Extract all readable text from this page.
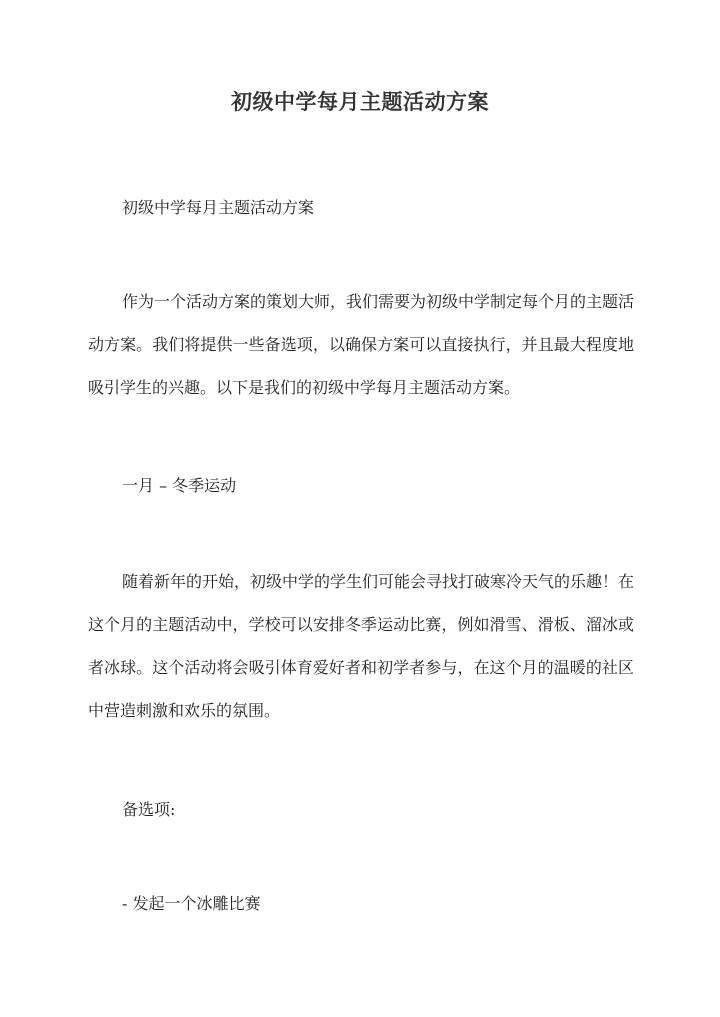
初级中学每月主题活动方案

初级中学每月主题活动方案

作为一个活动方案的策划大师，我们需要为初级中学制定每个月的主题活动方案。我们将提供一些备选项，以确保方案可以直接执行，并且最大程度地吸引学生的兴趣。以下是我们的初级中学每月主题活动方案。

一月 – 冬季运动

随着新年的开始，初级中学的学生们可能会寻找打破寒冷天气的乐趣！在这个月的主题活动中，学校可以安排冬季运动比赛，例如滑雪、滑板、溜冰或者冰球。这个活动将会吸引体育爱好者和初学者参与，在这个月的温暖的社区中营造刺激和欢乐的氛围。

备选项:

- 发起一个冰雕比赛
